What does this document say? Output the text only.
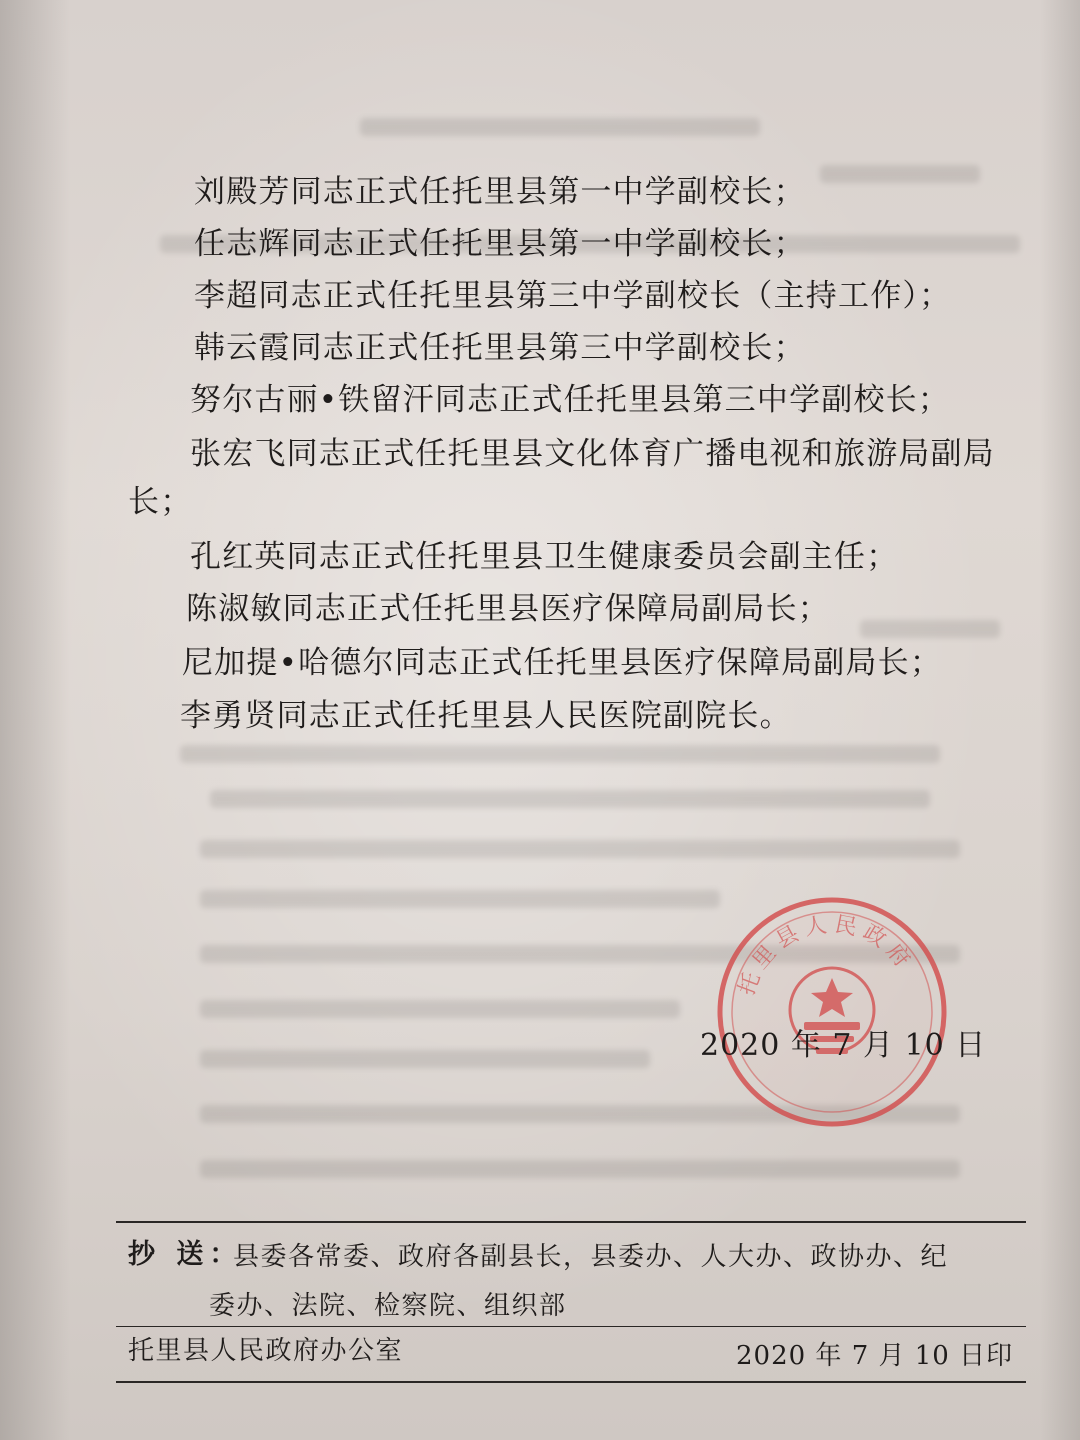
刘殿芳同志正式任托里县第一中学副校长；
任志辉同志正式任托里县第一中学副校长；
李超同志正式任托里县第三中学副校长（主持工作）；
韩云霞同志正式任托里县第三中学副校长；
努尔古丽•铁留汗同志正式任托里县第三中学副校长；
张宏飞同志正式任托里县文化体育广播电视和旅游局副局
长；
孔红英同志正式任托里县卫生健康委员会副主任；
陈淑敏同志正式任托里县医疗保障局副局长；
尼加提•哈德尔同志正式任托里县医疗保障局副局长；
李勇贤同志正式任托里县人民医院副院长。
托里县人民政府
2020 年 7 月 10 日
抄 送：
县委各常委、政府各副县长，县委办、人大办、政协办、纪
委办、法院、检察院、组织部
托里县人民政府办公室	2020 年 7 月 10 日印
